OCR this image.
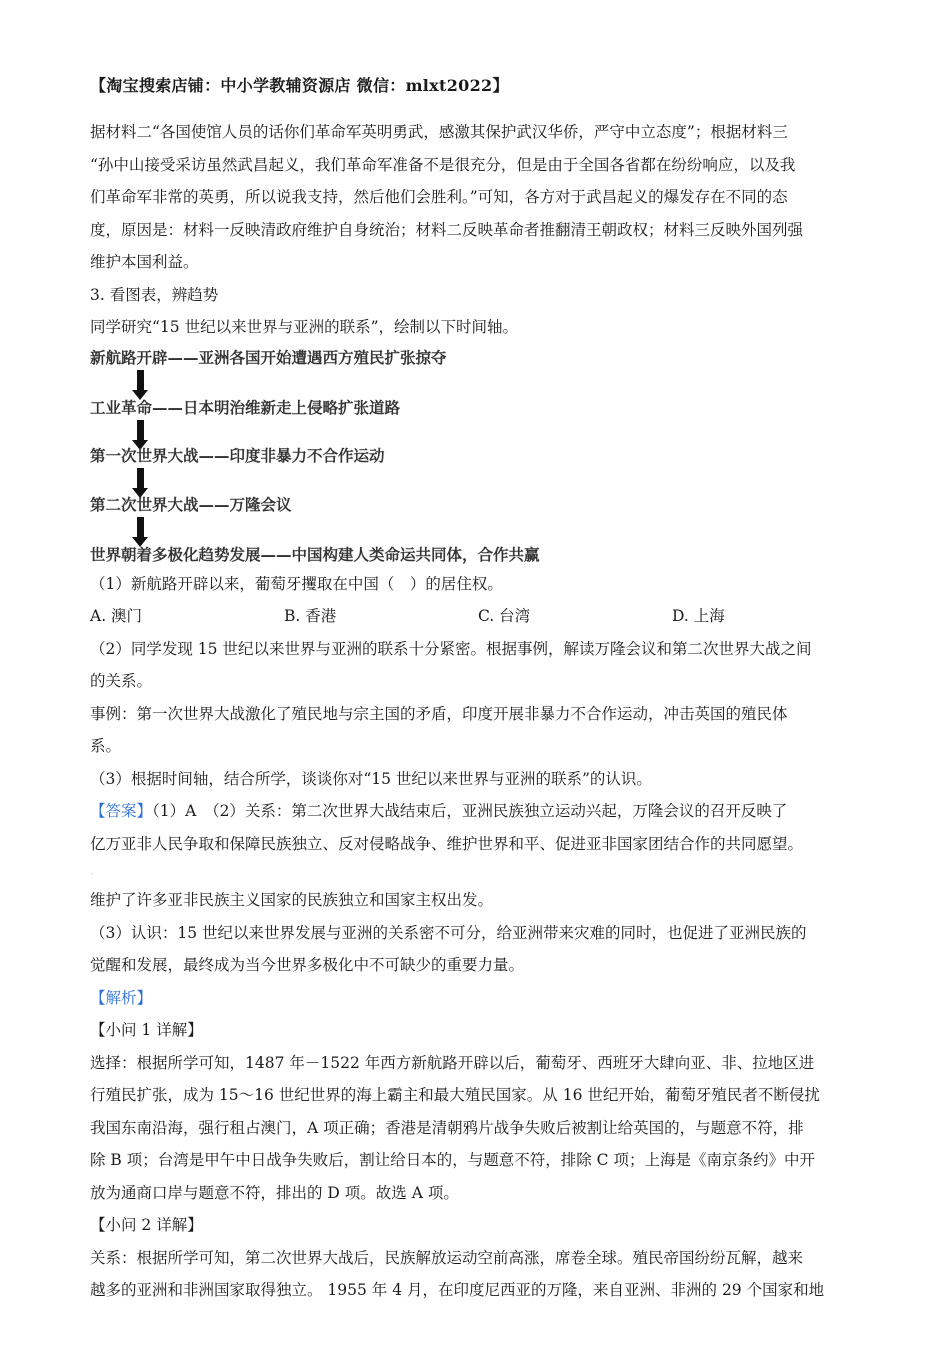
【淘宝搜索店铺：中小学教辅资源店 微信：mlxt2022】

据材料二“各国使馆人员的话你们革命军英明勇武，感激其保护武汉华侨，严守中立态度”；根据材料三

“孙中山接受采访虽然武昌起义，我们革命军准备不是很充分，但是由于全国各省都在纷纷响应，以及我

们革命军非常的英勇，所以说我支持，然后他们会胜利。”可知，各方对于武昌起义的爆发存在不同的态

度，原因是：材料一反映清政府维护自身统治；材料二反映革命者推翻清王朝政权；材料三反映外国列强

维护本国利益。

3. 看图表，辨趋势

同学研究“15 世纪以来世界与亚洲的联系”，绘制以下时间轴。

新航路开辟——亚洲各国开始遭遇西方殖民扩张掠夺
工业革命——日本明治维新走上侵略扩张道路
第一次世界大战——印度非暴力不合作运动
第二次世界大战——万隆会议
世界朝着多极化趋势发展——中国构建人类命运共同体，合作共赢

（1）新航路开辟以来，葡萄牙攫取在中国（　）的居住权。

A. 澳门	B. 香港	C. 台湾	D. 上海

（2）同学发现 15 世纪以来世界与亚洲的联系十分紧密。根据事例，解读万隆会议和第二次世界大战之间

的关系。

事例：第一次世界大战激化了殖民地与宗主国的矛盾，印度开展非暴力不合作运动，冲击英国的殖民体

系。

（3）根据时间轴，结合所学，谈谈你对“15 世纪以来世界与亚洲的联系”的认识。

【答案】（1）A　（2）关系：第二次世界大战结束后，亚洲民族独立运动兴起，万隆会议的召开反映了

亿万亚非人民争取和保障民族独立、反对侵略战争、维护世界和平、促进亚非国家团结合作的共同愿望。

.

维护了许多亚非民族主义国家的民族独立和国家主权出发。

（3）认识：15 世纪以来世界发展与亚洲的关系密不可分，给亚洲带来灾难的同时，也促进了亚洲民族的

觉醒和发展，最终成为当今世界多极化中不可缺少的重要力量。

【解析】

【小问 1 详解】

选择：根据所学可知，1487 年－1522 年西方新航路开辟以后，葡萄牙、西班牙大肆向亚、非、拉地区进

行殖民扩张，成为 15～16 世纪世界的海上霸主和最大殖民国家。从 16 世纪开始，葡萄牙殖民者不断侵扰

我国东南沿海，强行租占澳门，A 项正确；香港是清朝鸦片战争失败后被割让给英国的，与题意不符，排

除 B 项；台湾是甲午中日战争失败后，割让给日本的，与题意不符，排除 C 项；上海是《南京条约》中开

放为通商口岸与题意不符，排出的 D 项。故选 A 项。

【小问 2 详解】

关系：根据所学可知，第二次世界大战后，民族解放运动空前高涨，席卷全球。殖民帝国纷纷瓦解，越来

越多的亚洲和非洲国家取得独立。 1955 年 4 月，在印度尼西亚的万隆，来自亚洲、非洲的 29 个国家和地
